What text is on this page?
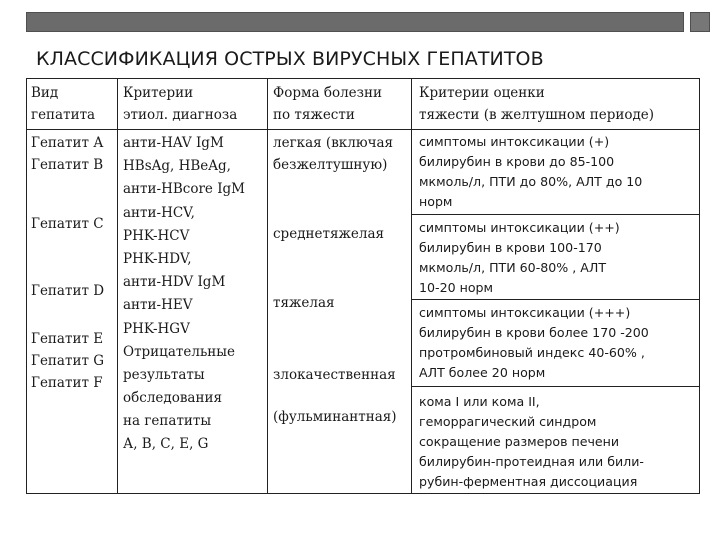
КЛАССИФИКАЦИЯ ОСТРЫХ ВИРУСНЫХ ГЕПАТИТОВ
Вид
гепатита
Критерии
этиол. диагноза
Форма болезни
по тяжести
Критерии оценки
тяжести (в желтушном периоде)
Гепатит А
Гепатит В
Гепатит С
Гепатит D
Гепатит E
Гепатит G
Гепатит F
анти-HAV IgM
HBsAg, HBeAg,
анти-HBcore IgM
анти-HCV,
PHK-HCV
PHK-HDV,
анти-HDV IgM
анти-HEV
PHK-HGV
Отрицательные
результаты
обследования
на гепатиты
А, В, С, Е, G
легкая (включая
безжелтушную)
среднетяжелая
тяжелая
злокачественная
(фульминантная)
симптомы интоксикации (+)
билирубин в крови до 85-100
мкмоль/л, ПТИ до 80%, АЛТ до 10
норм
симптомы интоксикации (++)
билирубин в крови 100-170
мкмоль/л, ПТИ 60-80% , АЛТ
10-20 норм
симптомы интоксикации (+++)
билирубин в крови более 170 -200
протромбиновый индекс 40-60% ,
АЛТ более 20 норм
кома I или кома II,
геморрагический синдром
сокращение размеров печени
билирубин-протеидная или били-
рубин-ферментная диссоциация
